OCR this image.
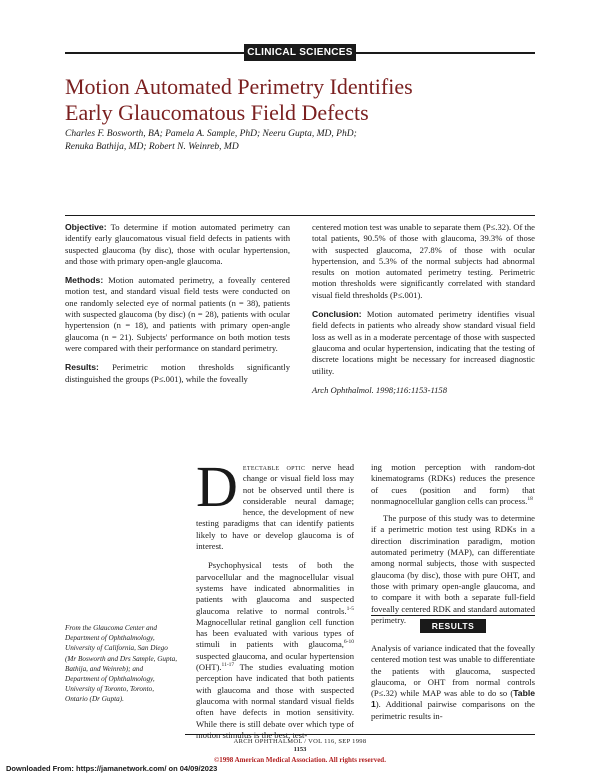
CLINICAL SCIENCES
Motion Automated Perimetry Identifies
Early Glaucomatous Field Defects
Charles F. Bosworth, BA; Pamela A. Sample, PhD; Neeru Gupta, MD, PhD;
Renuka Bathija, MD; Robert N. Weinreb, MD

Objective: To determine if motion automated perimetry can identify early glaucomatous visual field defects in patients with suspected glaucoma (by disc), those with ocular hypertension, and those with primary open-angle glaucoma.

Methods: Motion automated perimetry, a foveally centered motion test, and standard visual field tests were conducted on one randomly selected eye of normal patients (n = 38), patients with suspected glaucoma (by disc) (n = 28), patients with ocular hypertension (n = 18), and patients with primary open-angle glaucoma (n = 21). Subjects' performance on both motion tests were compared with their performance on standard perimetry.

Results: Perimetric motion thresholds significantly distinguished the groups (P≤.001), while the foveally

centered motion test was unable to separate them (P≤.32). Of the total patients, 90.5% of those with glaucoma, 39.3% of those with suspected glaucoma, 27.8% of those with ocular hypertension, and 5.3% of the normal subjects had abnormal results on motion automated perimetry testing. Perimetric motion thresholds were significantly correlated with standard visual field thresholds (P≤.001).

Conclusion: Motion automated perimetry identifies visual field defects in patients who already show standard visual field loss as well as in a moderate percentage of those with suspected glaucoma and ocular hypertension, indicating that the testing of discrete locations might be necessary for increased diagnostic utility.

Arch Ophthalmol. 1998;116:1153-1158

Detectable optic nerve head change or visual field loss may not be observed until there is considerable neural damage; hence, the development of new testing paradigms that can identify patients likely to have or develop glaucoma is of interest.

Psychophysical tests of both the parvocellular and the magnocellular visual systems have indicated abnormalities in patients with glaucoma and suspected glaucoma relative to normal controls.$^{1-5}$ Magnocellular retinal ganglion cell function has been evaluated with various types of stimuli in patients with glaucoma,$^{6-10}$ suspected glaucoma, and ocular hypertension (OHT).$^{11-17}$ The studies evaluating motion perception have indicated that both patients with glaucoma and those with suspected glaucoma with normal standard visual fields often have defects in motion sensitivity. While there is still debate over which type of

ing motion perception with random-dot kinematograms (RDKs) reduces the presence of cues (position and form) that nonmagnocellular ganglion cells can process.$^{18}$

The purpose of this study was to determine if a perimetric motion test using RDKs in a direction discrimination paradigm, motion automated perimetry (MAP), can differentiate among normal subjects, those with suspected glaucoma (by disc), those with pure OHT, and those with primary open-angle glaucoma, and to compare it with both a separate full-field foveally centered RDK and standard automated perimetry.

RESULTS

Analysis of variance indicated that the foveally centered motion test was unable to differentiate the patients with glaucoma, suspected glaucoma, or OHT from normal controls (P≤.32) while MAP was able to do so (Table 1). Additional pairwise comparisons on the perimetric results in-

From the Glaucoma Center and Department of Ophthalmology, University of California, San Diego (Mr Bosworth and Drs Sample, Gupta, Bathija, and Weinreb); and Department of Ophthalmology, University of Toronto, Toronto, Ontario (Dr Gupta).
ARCH OPHTHALMOL / VOL 116, SEP 1998
1153
©1998 American Medical Association. All rights reserved.
Downloaded From: https://jamanetwork.com/ on 04/09/2023
